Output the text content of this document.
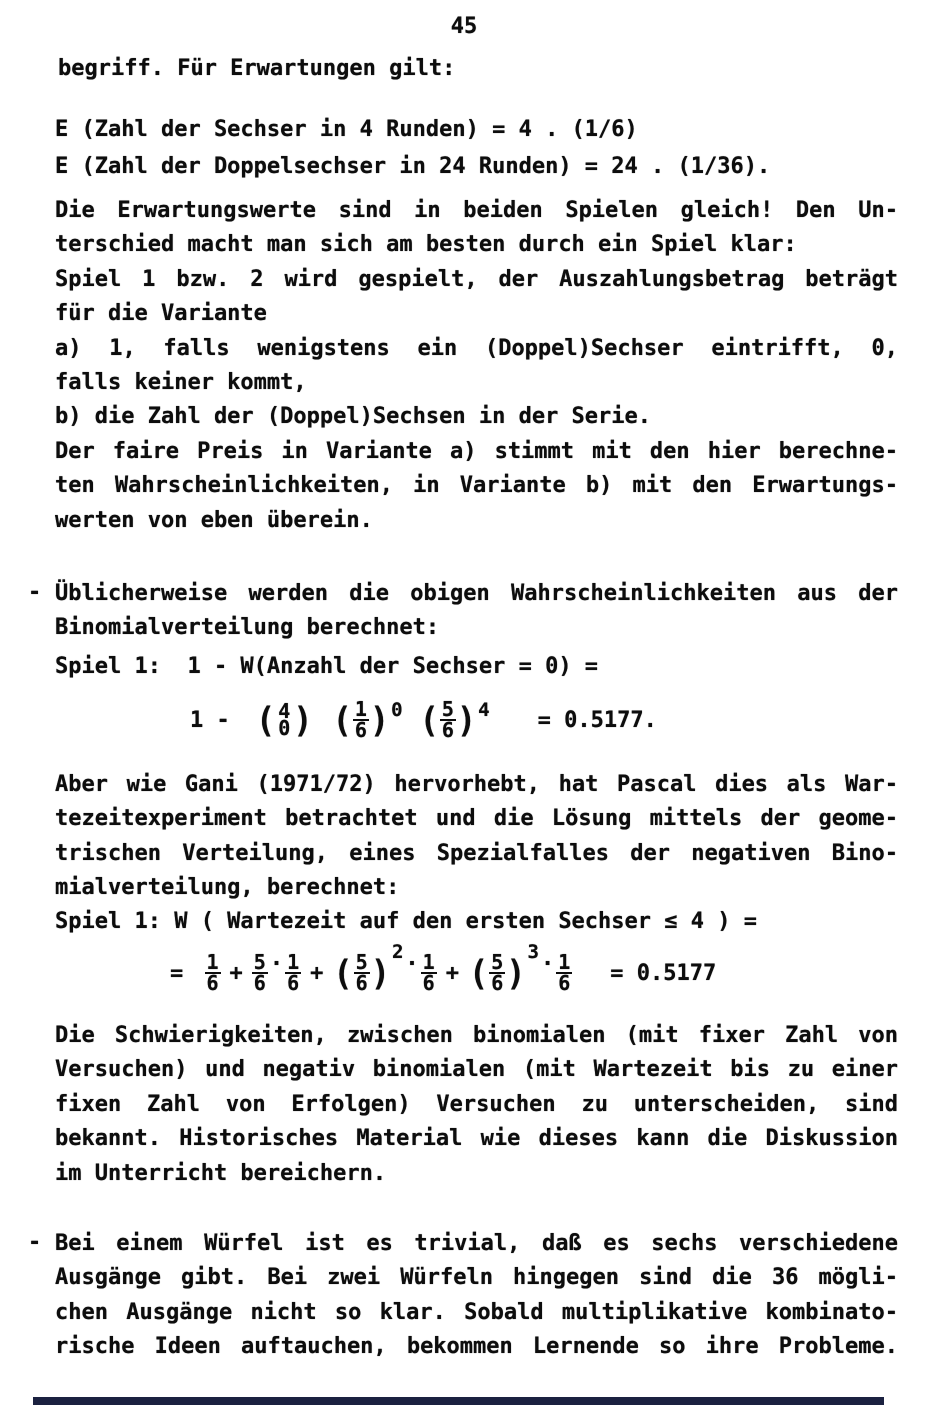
45
begriff. Für Erwartungen gilt:
E (Zahl der Sechser in 4 Runden) = 4 . (1/6)
E (Zahl der Doppelsechser in 24 Runden) = 24 . (1/36).
Die Erwartungswerte sind in beiden Spielen gleich! Den Un-
terschied macht man sich am besten durch ein Spiel klar:
Spiel 1 bzw. 2 wird gespielt, der Auszahlungsbetrag beträgt
für die Variante
a) 1, falls wenigstens ein (Doppel)Sechser eintrifft, 0,
falls keiner kommt,
b) die Zahl der (Doppel)Sechsen in der Serie.
Der faire Preis in Variante a) stimmt mit den hier berechne-
ten Wahrscheinlichkeiten, in Variante b) mit den Erwartungs-
werten von eben überein.
- Üblicherweise werden die obigen Wahrscheinlichkeiten aus der
Binomialverteilung berechnet:
Spiel 1:  1 - W(Anzahl der Sechser = 0) =
1 - ( 4
0 ) ( $\frac{1}{6}$ ) 0 ( $\frac{5}{6}$ ) 4 = 0.5177.
Aber wie Gani (1971/72) hervorhebt, hat Pascal dies als War-
tezeitexperiment betrachtet und die Lösung mittels der geome-
trischen Verteilung, eines Spezialfalles der negativen Bino-
mialverteilung, berechnet:
Spiel 1: W ( Wartezeit auf den ersten Sechser ≤ 4 ) =
= $\frac{1}{6} + \frac{5}{6} \cdot \frac{1}{6}$ + ( $\frac{5}{6}$ )
$2 \cdot \frac{1}{6}$ + ( $\frac{5}{6}$ )
$3 \cdot \frac{1}{6} = 0.5177$
Die Schwierigkeiten, zwischen binomialen (mit fixer Zahl von
Versuchen) und negativ binomialen (mit Wartezeit bis zu einer
fixen Zahl von Erfolgen) Versuchen zu unterscheiden, sind
bekannt. Historisches Material wie dieses kann die Diskussion
im Unterricht bereichern.
- Bei einem Würfel ist es trivial, daß es sechs verschiedene
Ausgänge gibt. Bei zwei Würfeln hingegen sind die 36 mögli-
chen Ausgänge nicht so klar. Sobald multiplikative kombinato-
rische Ideen auftauchen, bekommen Lernende so ihre Probleme.
